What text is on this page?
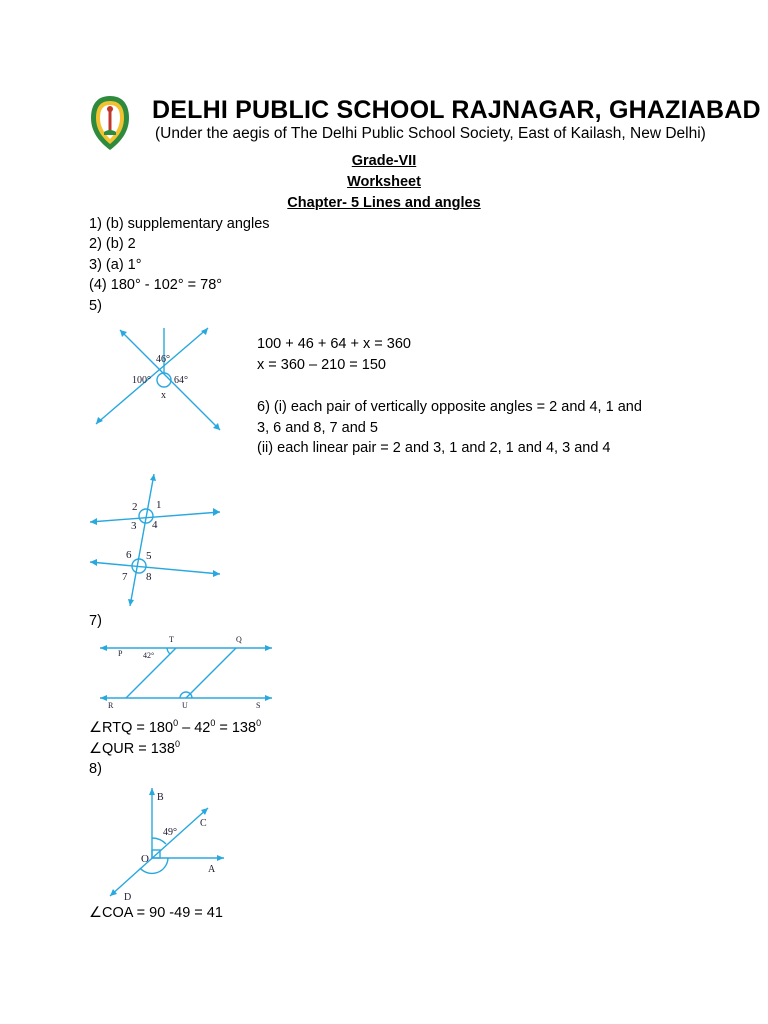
DELHI PUBLIC SCHOOL RAJNAGAR, GHAZIABAD
(Under the aegis of The Delhi Public School Society, East of Kailash, New Delhi)
Grade-VII
Worksheet
Chapter- 5 Lines and angles
1) (b) supplementary angles
2) (b) 2
3) (a) 1°
(4) 180° - 102° = 78°
5)
46°
100° 64°
x
100 + 46 + 64 + x = 360
x = 360 – 210 = 150
6) (i) each pair of vertically opposite angles = 2 and 4, 1 and
3, 6 and 8, 7 and 5
(ii) each linear pair = 2 and 3, 1 and 2, 1 and 4, 3 and 4
2 1
3 4
6 5
7 8
7)
P
T	Q
42°
R	U	S
∠RTQ = $180^0 - 42^0 = 138^0$
∠QUR = $138^0$
8)
B
C
49°
O
A
D
∠COA = 90 -49 = 41
